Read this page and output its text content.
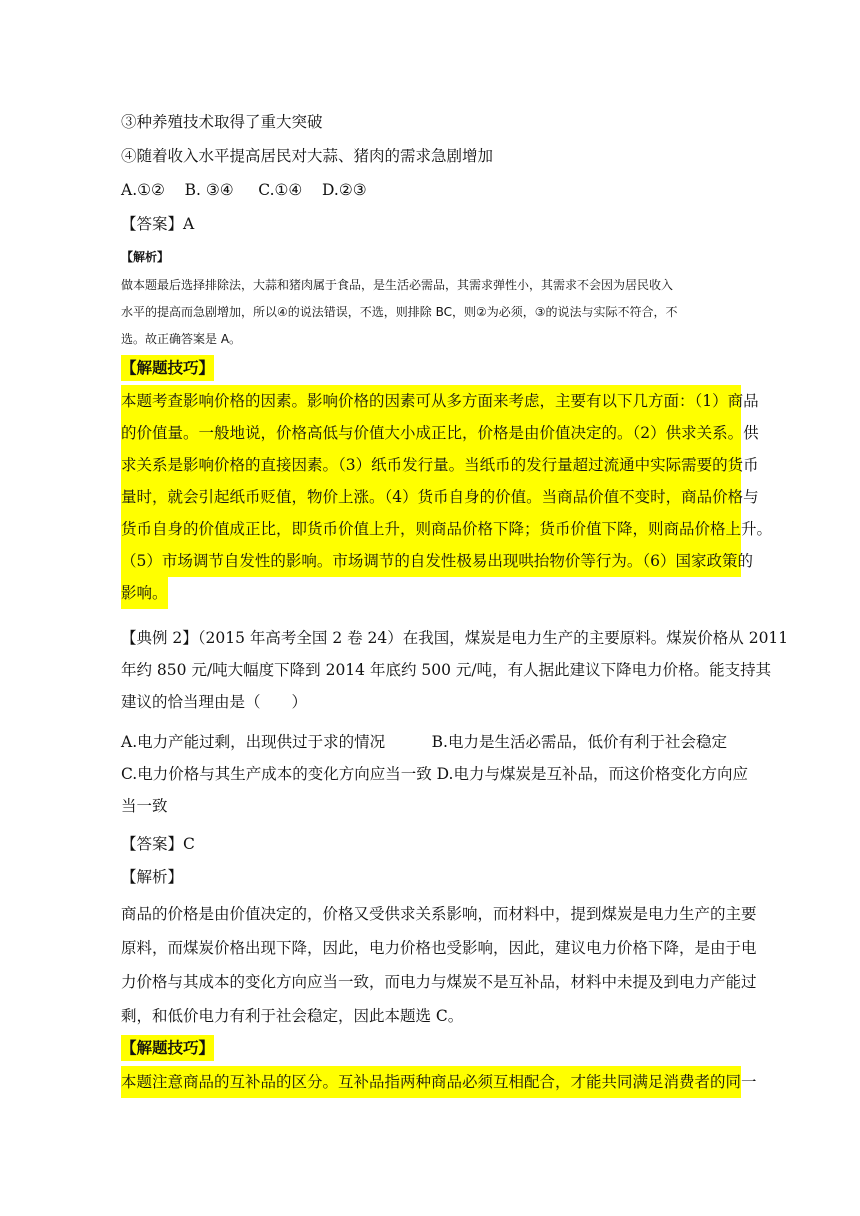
③种养殖技术取得了重大突破
④随着收入水平提高居民对大蒜、猪肉的需求急剧增加
A.①②    B. ③④     C.①④    D.②③
【答案】A
【解析】
做本题最后选择排除法，大蒜和猪肉属于食品，是生活必需品，其需求弹性小，其需求不会因为居民收入
水平的提高而急剧增加，所以④的说法错误，不选，则排除 BC，则②为必须，③的说法与实际不符合，不
选。故正确答案是 A。
【解题技巧】
本题考查影响价格的因素。影响价格的因素可从多方面来考虑，主要有以下几方面：（1）商品
的价值量。一般地说，价格高低与价值大小成正比，价格是由价值决定的。（2）供求关系。供
求关系是影响价格的直接因素。（3）纸币发行量。当纸币的发行量超过流通中实际需要的货币
量时，就会引起纸币贬值，物价上涨。（4）货币自身的价值。当商品价值不变时，商品价格与
货币自身的价值成正比，即货币价值上升，则商品价格下降；货币价值下降，则商品价格上升。
（5）市场调节自发性的影响。市场调节的自发性极易出现哄抬物价等行为。（6）国家政策的
影响。
【典例 2】（2015 年高考全国 2 卷 24）在我国，煤炭是电力生产的主要原料。煤炭价格从 2011
年约 850 元/吨大幅度下降到 2014 年底约 500 元/吨，有人据此建议下降电力价格。能支持其
建议的恰当理由是（　　）
A.电力产能过剩，出现供过于求的情况　　　B.电力是生活必需品，低价有利于社会稳定
C.电力价格与其生产成本的变化方向应当一致 D.电力与煤炭是互补品，而这价格变化方向应
当一致
【答案】C
【解析】
商品的价格是由价值决定的，价格又受供求关系影响，而材料中，提到煤炭是电力生产的主要
原料，而煤炭价格出现下降，因此，电力价格也受影响，因此，建议电力价格下降，是由于电
力价格与其成本的变化方向应当一致，而电力与煤炭不是互补品，材料中未提及到电力产能过
剩，和低价电力有利于社会稳定，因此本题选 C。
【解题技巧】
本题注意商品的互补品的区分。互补品指两种商品必须互相配合，才能共同满足消费者的同一
